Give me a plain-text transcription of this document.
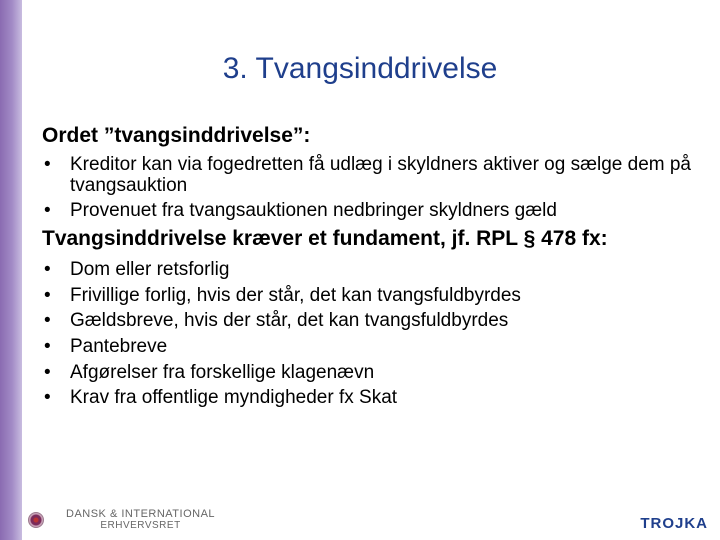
3. Tvangsinddrivelse

Ordet ”tvangsinddrivelse”:

• Kreditor kan via fogedretten få udlæg i skyldners aktiver og sælge dem på tvangsauktion
• Provenuet fra tvangsauktionen nedbringer skyldners gæld

Tvangsinddrivelse kræver et fundament, jf. RPL § 478 fx:

• Dom eller retsforlig
• Frivillige forlig, hvis der står, det kan tvangsfuldbyrdes
• Gældsbreve, hvis der står, det kan tvangsfuldbyrdes
• Pantebreve
• Afgørelser fra forskellige klagenævn
• Krav fra offentlige myndigheder fx Skat
DANSK & INTERNATIONAL
ERHVERVSRET	TROJKA
